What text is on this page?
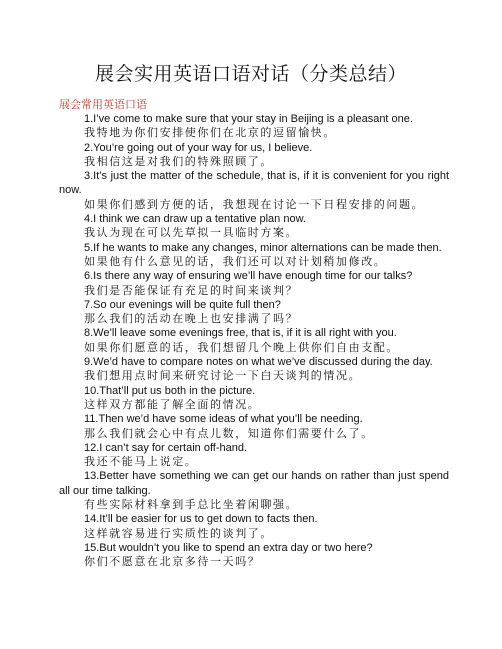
展会实用英语口语对话（分类总结）
展会常用英语口语
1.I’ve come to make sure that your stay in Beijing is a pleasant one.
我特地为你们安排使你们在北京的逗留愉快。
2.You’re going out of your way for us, I believe.
我相信这是对我们的特殊照顾了。
3.It’s just the matter of the schedule, that is, if it is convenient for you right now.
如果你们感到方便的话，我想现在讨论一下日程安排的问题。
4.I think we can draw up a tentative plan now.
我认为现在可以先草拟一具临时方案。
5.If he wants to make any changes, minor alternations can be made then.
如果他有什么意见的话，我们还可以对计划稍加修改。
6.Is there any way of ensuring we’ll have enough time for our talks?
我们是否能保证有充足的时间来谈判？
7.So our evenings will be quite full then?
那么我们的活动在晚上也安排满了吗？
8.We’ll leave some evenings free, that is, if it is all right with you.
如果你们愿意的话，我们想留几个晚上供你们自由支配。
9.We’d have to compare notes on what we’ve discussed during the day.
我们想用点时间来研究讨论一下白天谈判的情况。
10.That’ll put us both in the picture.
这样双方都能了解全面的情况。
11.Then we’d have some ideas of what you’ll be needing.
那么我们就会心中有点儿数，知道你们需要什么了。
12.I can’t say for certain off-hand.
我还不能马上说定。
13.Better have something we can get our hands on rather than just spend all our time talking.
有些实际材料拿到手总比坐着闲聊强。
14.It’ll be easier for us to get down to facts then.
这样就容易进行实质性的谈判了。
15.But wouldn’t you like to spend an extra day or two here?
你们不愿意在北京多待一天吗？
